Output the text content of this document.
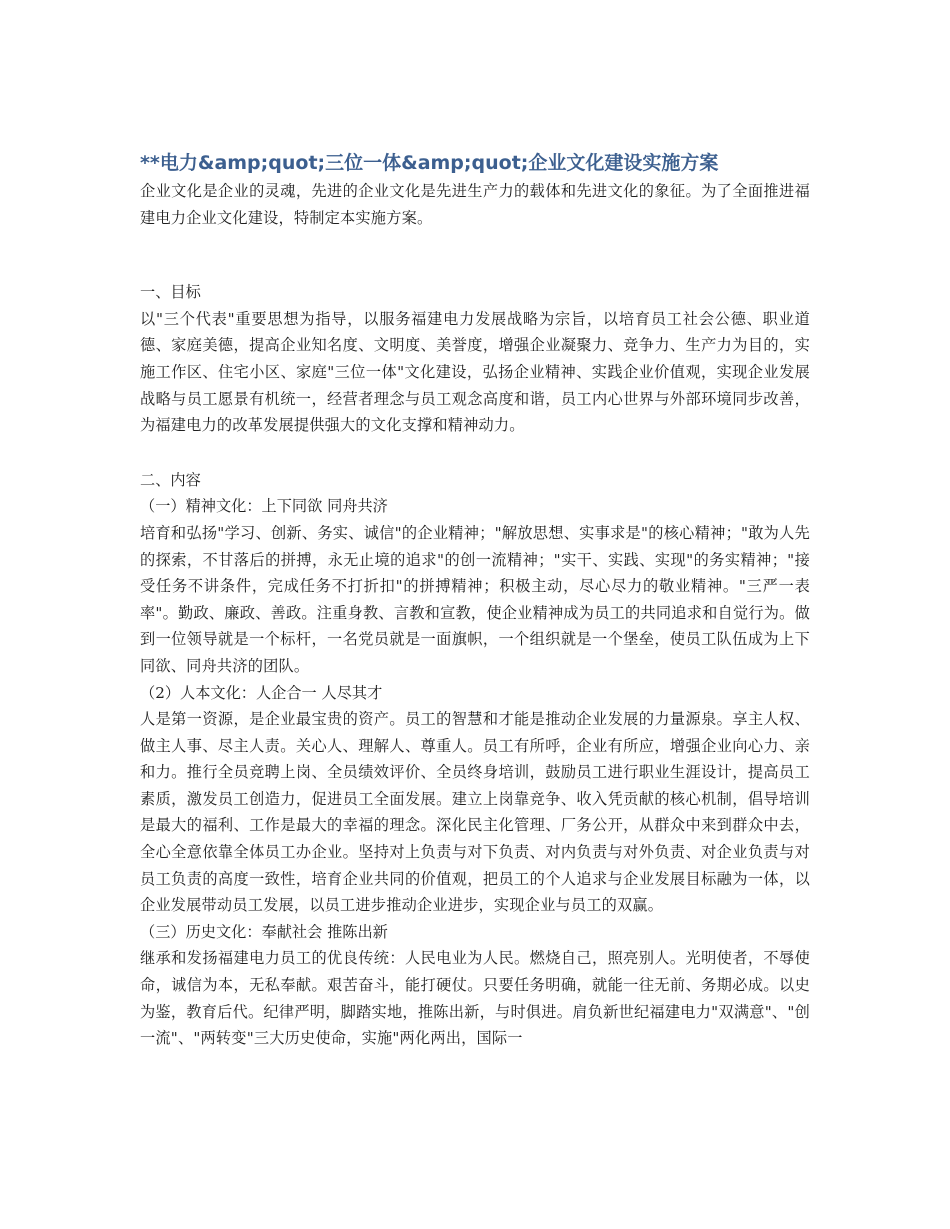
**电力&amp;quot;三位一体&amp;quot;企业文化建设实施方案

企业文化是企业的灵魂，先进的企业文化是先进生产力的载体和先进文化的象征。为了全面推进福建电力企业文化建设，特制定本实施方案。

一、目标

以"三个代表"重要思想为指导，以服务福建电力发展战略为宗旨，以培育员工社会公德、职业道德、家庭美德，提高企业知名度、文明度、美誉度，增强企业凝聚力、竞争力、生产力为目的，实施工作区、住宅小区、家庭"三位一体"文化建设，弘扬企业精神、实践企业价值观，实现企业发展战略与员工愿景有机统一，经营者理念与员工观念高度和谐，员工内心世界与外部环境同步改善，为福建电力的改革发展提供强大的文化支撑和精神动力。

二、内容

（一）精神文化：上下同欲 同舟共济

培育和弘扬"学习、创新、务实、诚信"的企业精神；"解放思想、实事求是"的核心精神；"敢为人先的探索，不甘落后的拼搏，永无止境的追求"的创一流精神；"实干、实践、实现"的务实精神；"接受任务不讲条件，完成任务不打折扣"的拼搏精神；积极主动，尽心尽力的敬业精神。"三严一表率"。勤政、廉政、善政。注重身教、言教和宣教，使企业精神成为员工的共同追求和自觉行为。做到一位领导就是一个标杆，一名党员就是一面旗帜，一个组织就是一个堡垒，使员工队伍成为上下同欲、同舟共济的团队。

（2）人本文化：人企合一 人尽其才

人是第一资源，是企业最宝贵的资产。员工的智慧和才能是推动企业发展的力量源泉。享主人权、做主人事、尽主人责。关心人、理解人、尊重人。员工有所呼，企业有所应，增强企业向心力、亲和力。推行全员竞聘上岗、全员绩效评价、全员终身培训，鼓励员工进行职业生涯设计，提高员工素质，激发员工创造力，促进员工全面发展。建立上岗靠竞争、收入凭贡献的核心机制，倡导培训是最大的福利、工作是最大的幸福的理念。深化民主化管理、厂务公开，从群众中来到群众中去，全心全意依靠全体员工办企业。坚持对上负责与对下负责、对内负责与对外负责、对企业负责与对员工负责的高度一致性，培育企业共同的价值观，把员工的个人追求与企业发展目标融为一体，以企业发展带动员工发展，以员工进步推动企业进步，实现企业与员工的双赢。

（三）历史文化：奉献社会 推陈出新

继承和发扬福建电力员工的优良传统：人民电业为人民。燃烧自己，照亮别人。光明使者，不辱使命，诚信为本，无私奉献。艰苦奋斗，能打硬仗。只要任务明确，就能一往无前、务期必成。以史为鉴，教育后代。纪律严明，脚踏实地，推陈出新，与时俱进。肩负新世纪福建电力"双满意"、"创一流"、"两转变"三大历史使命，实施"两化两出，国际一
